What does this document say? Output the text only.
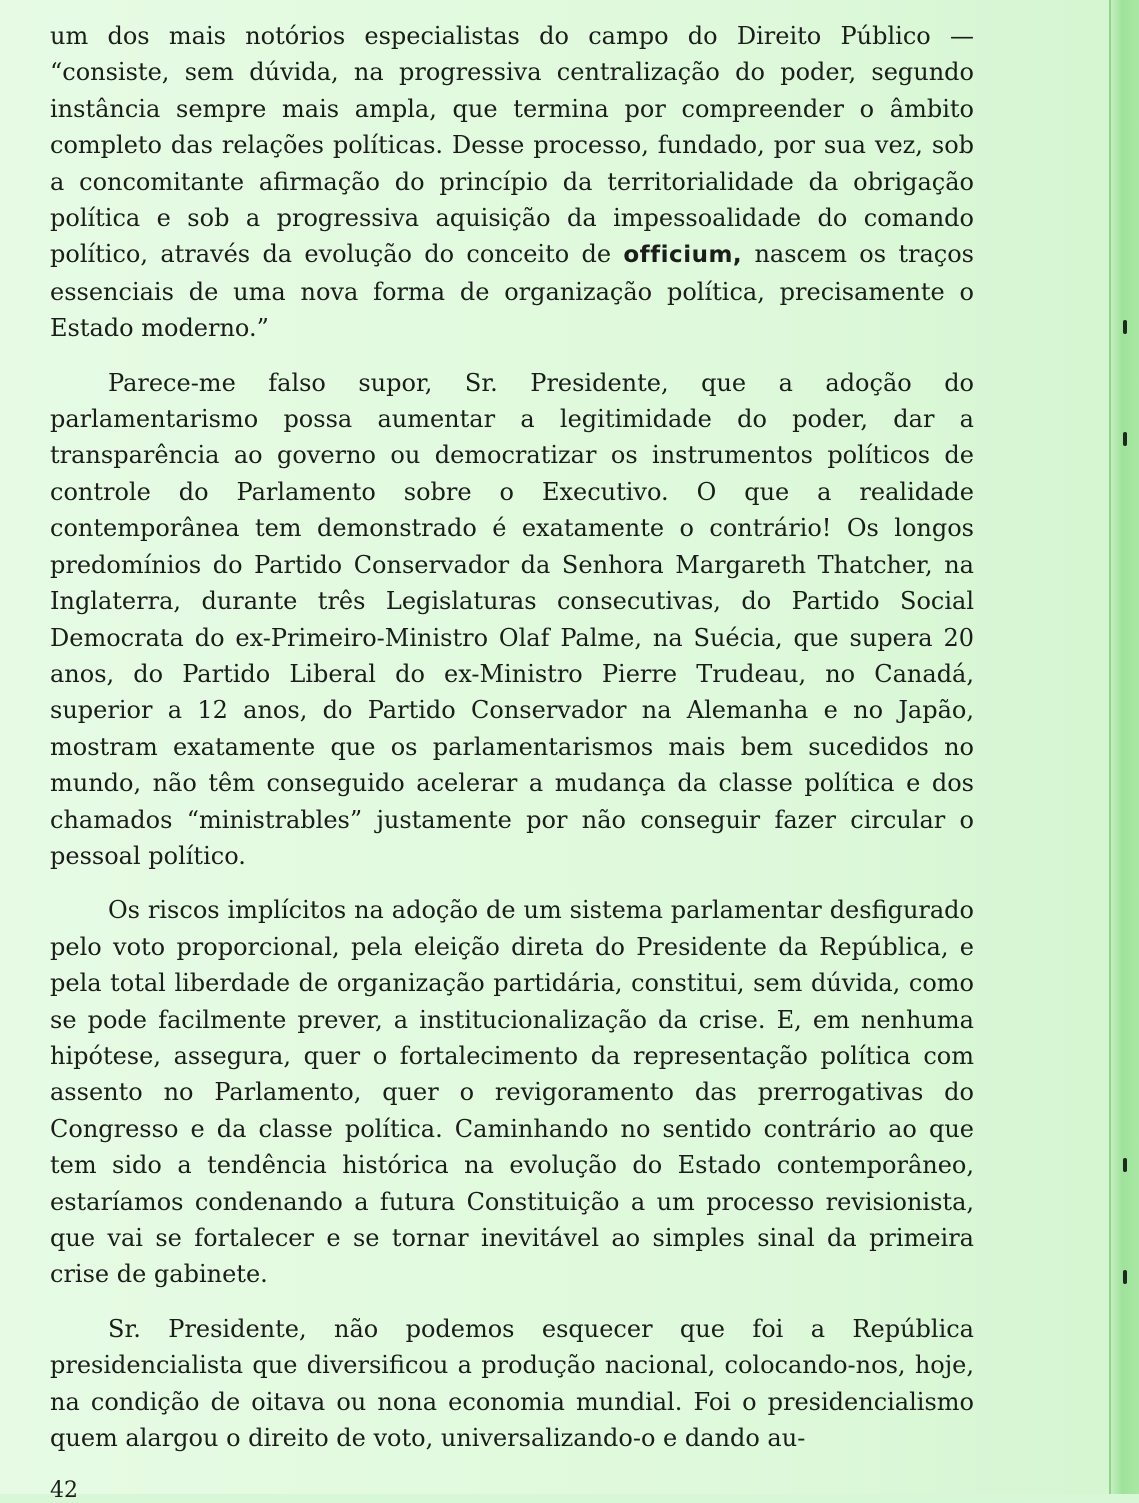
um dos mais notórios especialistas do campo do Direito Público — “consiste, sem dúvida, na progressiva centralização do poder, segundo instância sempre mais ampla, que termina por compreender o âmbito completo das relações políticas. Desse processo, fundado, por sua vez, sob a concomitante afirmação do princípio da territorialidade da obrigação política e sob a progressiva aquisição da impessoalidade do comando político, através da evolução do conceito de officium, nascem os traços essenciais de uma nova forma de organização política, precisamente o Estado moderno.”

Parece-me falso supor, Sr. Presidente, que a adoção do parlamentarismo possa aumentar a legitimidade do poder, dar a transparência ao governo ou democratizar os instrumentos políticos de controle do Parlamento sobre o Executivo. O que a realidade contemporânea tem demonstrado é exatamente o contrário! Os longos predomínios do Partido Conservador da Senhora Margareth Thatcher, na Inglaterra, durante três Legislaturas consecutivas, do Partido Social Democrata do ex-Primeiro-Ministro Olaf Palme, na Suécia, que supera 20 anos, do Partido Liberal do ex-Ministro Pierre Trudeau, no Canadá, superior a 12 anos, do Partido Conservador na Alemanha e no Japão, mostram exatamente que os parlamentarismos mais bem sucedidos no mundo, não têm conseguido acelerar a mudança da classe política e dos chamados “ministrables” justamente por não conseguir fazer circular o pessoal político.

Os riscos implícitos na adoção de um sistema parlamentar desfigurado pelo voto proporcional, pela eleição direta do Presidente da República, e pela total liberdade de organização partidária, constitui, sem dúvida, como se pode facilmente prever, a institucionalização da crise. E, em nenhuma hipótese, assegura, quer o fortalecimento da representação política com assento no Parlamento, quer o revigoramento das prerrogativas do Congresso e da classe política. Caminhando no sentido contrário ao que tem sido a tendência histórica na evolução do Estado contemporâneo, estaríamos condenando a futura Constituição a um processo revisionista, que vai se fortalecer e se tornar inevitável ao simples sinal da primeira crise de gabinete.

Sr. Presidente, não podemos esquecer que foi a República presidencialista que diversificou a produção nacional, colocando-nos, hoje, na condição de oitava ou nona economia mundial. Foi o presidencialismo quem alargou o direito de voto, universalizando-o e dando au-

42
